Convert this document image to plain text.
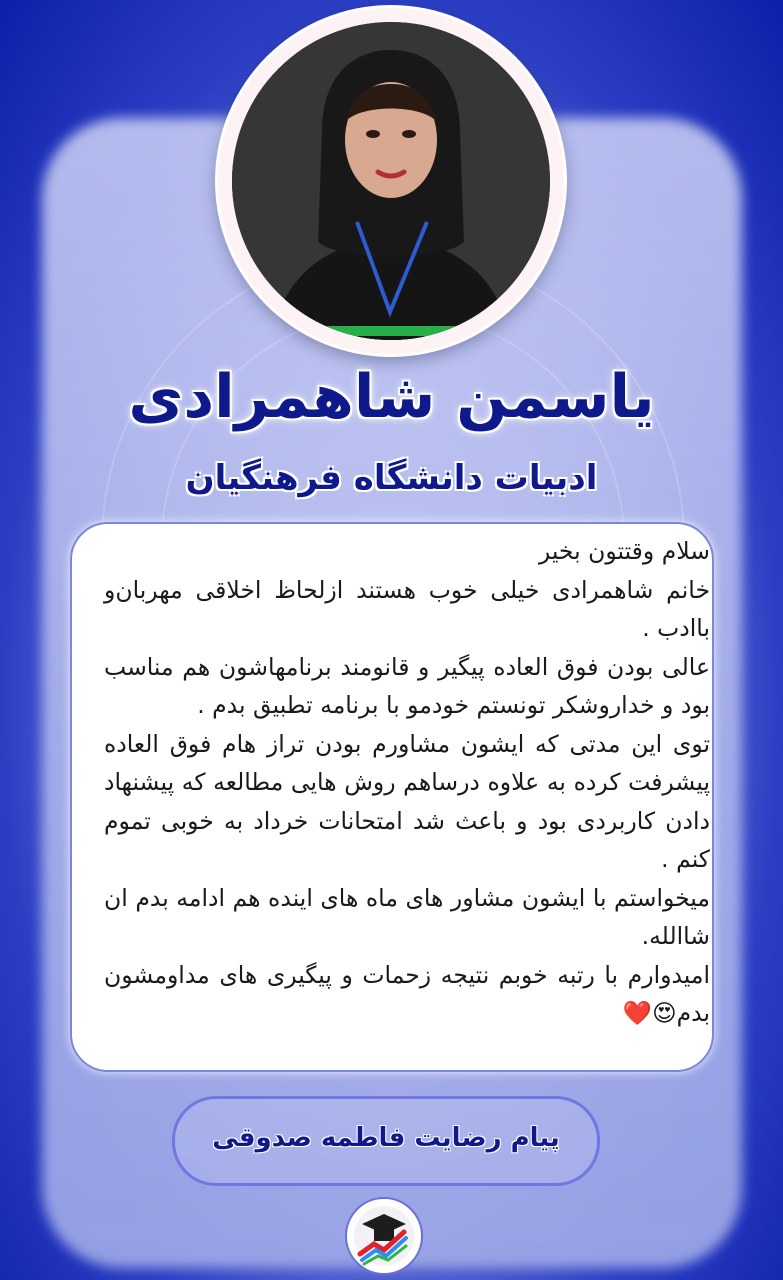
یاسمن شاهمرادی
ادبیات دانشگاه فرهنگیان

سلام وقتتون بخیر

خانم شاهمرادی خیلی خوب هستند ازلحاظ اخلاقی مهربان‌و باادب .

عالی بودن فوق العاده پیگیر و قانومند برنامهاشون هم مناسب بود و خداروشکر تونستم خودمو با برنامه تطبیق بدم .

توی این مدتی که ایشون مشاورم بودن تراز هام فوق العاده پیشرفت کرده به علاوه درساهم روش هایی مطالعه که پیشنهاد دادن کاربردی بود و باعث شد امتحانات خرداد به خوبی تموم کنم .

میخواستم با ایشون مشاور های ماه های اینده هم ادامه بدم ان شاالله.

امیدوارم با رتبه خوبم نتیجه زحمات و پیگیری های مداومشون بدم😍❤️

پیام رضایت فاطمه صدوقی
